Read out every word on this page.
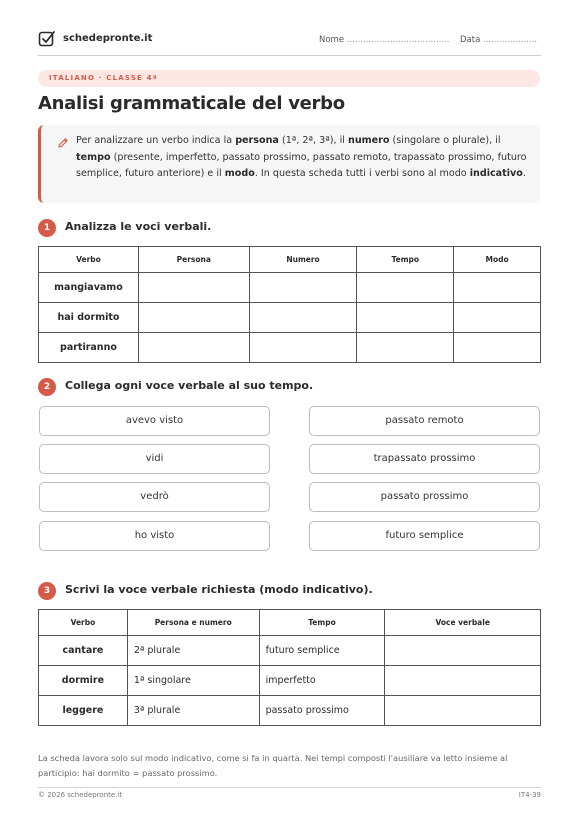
schedepronte.it	Nome ...................................... Data ....................
ITALIANO · CLASSE 4ª
Analisi grammaticale del verbo
Per analizzare un verbo indica la persona (1ª, 2ª, 3ª), il numero (singolare o plurale), il tempo (presente, imperfetto, passato prossimo, passato remoto, trapassato prossimo, futuro semplice, futuro anteriore) e il modo. In questa scheda tutti i verbi sono al modo indicativo.
1	Analizza le voci verbali.
Verbo	Persona	Numero	Tempo	Modo
mangiavamo				
hai dormito				
partiranno				
2	Collega ogni voce verbale al suo tempo.
avevo visto
vidi
vedrò
ho visto
passato remoto
trapassato prossimo
passato prossimo
futuro semplice
3	Scrivi la voce verbale richiesta (modo indicativo).
Verbo	Persona e numero	Tempo	Voce verbale
cantare	2ª plurale	futuro semplice	
dormire	1ª singolare	imperfetto	
leggere	3ª plurale	passato prossimo	
La scheda lavora solo sul modo indicativo, come si fa in quarta. Nei tempi composti l'ausiliare va letto insieme al participio: hai dormito = passato prossimo.
© 2026 schedepronte.it	IT4-39
